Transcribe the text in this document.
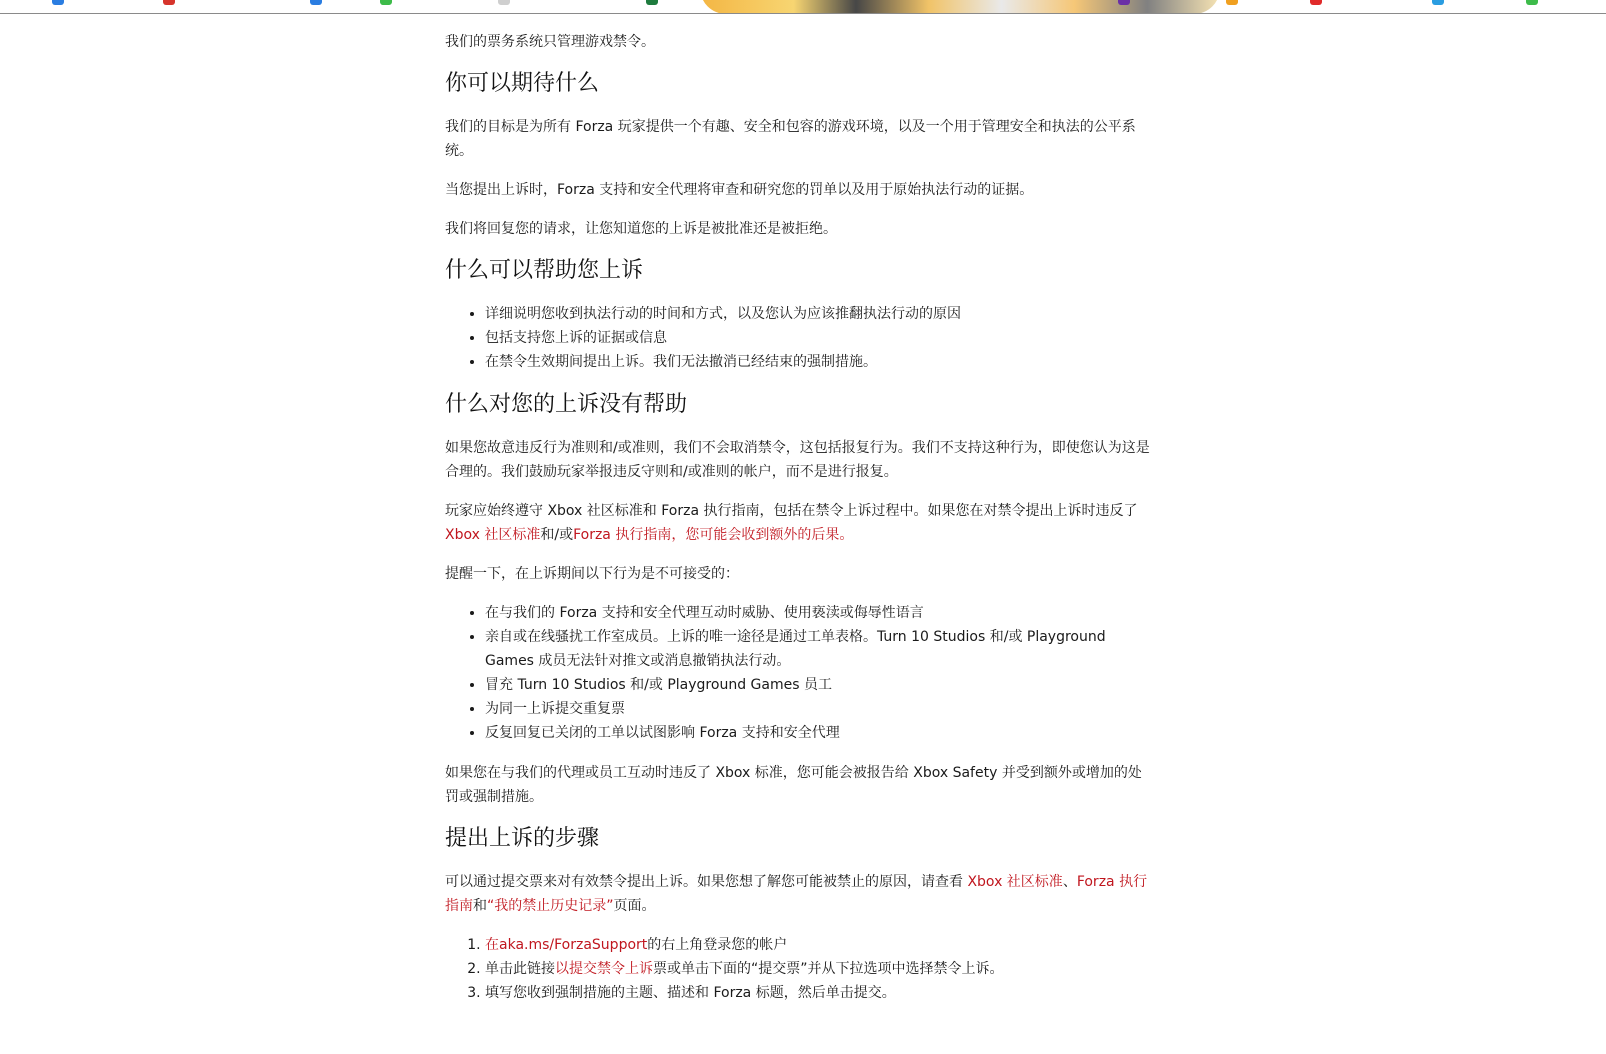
我们的票务系统只管理游戏禁令。

你可以期待什么

我们的目标是为所有 Forza 玩家提供一个有趣、安全和包容的游戏环境，以及一个用于管理安全和执法的公平系统。

当您提出上诉时，Forza 支持和安全代理将审查和研究您的罚单以及用于原始执法行动的证据。

我们将回复您的请求，让您知道您的上诉是被批准还是被拒绝。

什么可以帮助您上诉
• 详细说明您收到执法行动的时间和方式，以及您认为应该推翻执法行动的原因
• 包括支持您上诉的证据或信息
• 在禁令生效期间提出上诉。我们无法撤消已经结束的强制措施。
什么对您的上诉没有帮助

如果您故意违反行为准则和/或准则，我们不会取消禁令，这包括报复行为。我们不支持这种行为，即使您认为这是合理的。我们鼓励玩家举报违反守则和/或准则的帐户，而不是进行报复。

玩家应始终遵守 Xbox 社区标准和 Forza 执行指南，包括在禁令上诉过程中。如果您在对禁令提出上诉时违反了Xbox 社区标准和/或Forza 执行指南，您可能会收到额外的后果。

提醒一下，在上诉期间以下行为是不可接受的：

• 在与我们的 Forza 支持和安全代理互动时威胁、使用亵渎或侮辱性语言
• 亲自或在线骚扰工作室成员。上诉的唯一途径是通过工单表格。Turn 10 Studios 和/或 Playground Games 成员无法针对推文或消息撤销执法行动。
• 冒充 Turn 10 Studios 和/或 Playground Games 员工
• 为同一上诉提交重复票
• 反复回复已关闭的工单以试图影响 Forza 支持和安全代理

如果您在与我们的代理或员工互动时违反了 Xbox 标准，您可能会被报告给 Xbox Safety 并受到额外或增加的处罚或强制措施。

提出上诉的步骤

可以通过提交票来对有效禁令提出上诉。如果您想了解您可能被禁止的原因，请查看 Xbox 社区标准、Forza 执行指南和“我的禁止历史记录”页面。

1. 在aka.ms/ForzaSupport的右上角登录您的帐户
2. 单击此链接以提交禁令上诉票或单击下面的“提交票”并从下拉选项中选择禁令上诉。
3. 填写您收到强制措施的主题、描述和 Forza 标题，然后单击提交。
